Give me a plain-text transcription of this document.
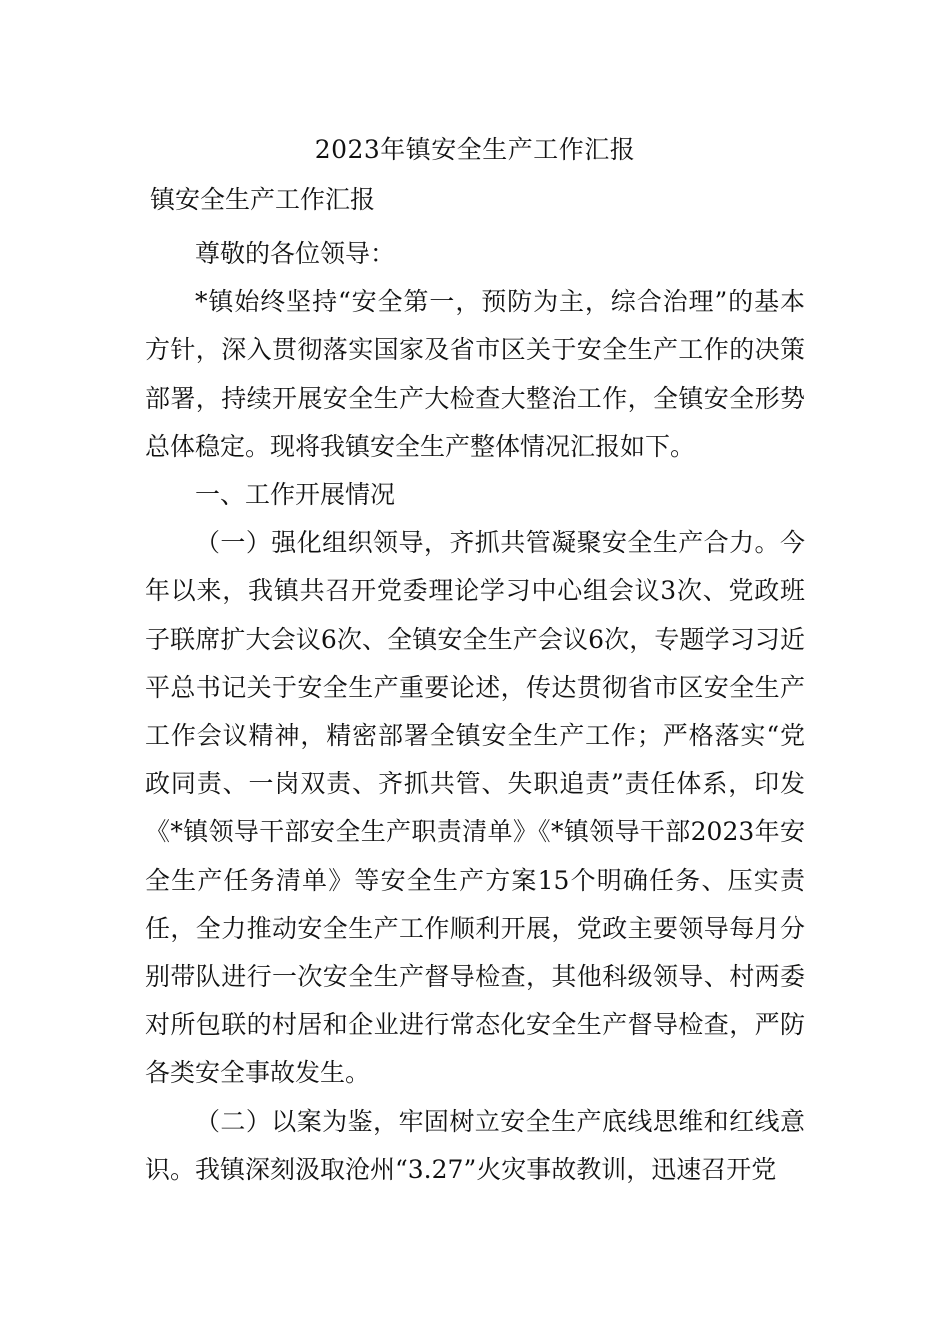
2023年镇安全生产工作汇报
镇安全生产工作汇报

尊敬的各位领导：

*镇始终坚持“安全第一，预防为主，综合治理”的基本方针，深入贯彻落实国家及省市区关于安全生产工作的决策部署，持续开展安全生产大检查大整治工作，全镇安全形势总体稳定。现将我镇安全生产整体情况汇报如下。

一、工作开展情况

（一）强化组织领导，齐抓共管凝聚安全生产合力。今年以来，我镇共召开党委理论学习中心组会议3次、党政班子联席扩大会议6次、全镇安全生产会议6次，专题学习习近平总书记关于安全生产重要论述，传达贯彻省市区安全生产工作会议精神，精密部署全镇安全生产工作；严格落实“党政同责、一岗双责、齐抓共管、失职追责”责任体系，印发《*镇领导干部安全生产职责清单》《*镇领导干部2023年安全生产任务清单》等安全生产方案15个明确任务、压实责任，全力推动安全生产工作顺利开展，党政主要领导每月分别带队进行一次安全生产督导检查，其他科级领导、村两委对所包联的村居和企业进行常态化安全生产督导检查，严防各类安全事故发生。

（二）以案为鉴，牢固树立安全生产底线思维和红线意识。我镇深刻汲取沧州“3.27”火灾事故教训，迅速召开党
